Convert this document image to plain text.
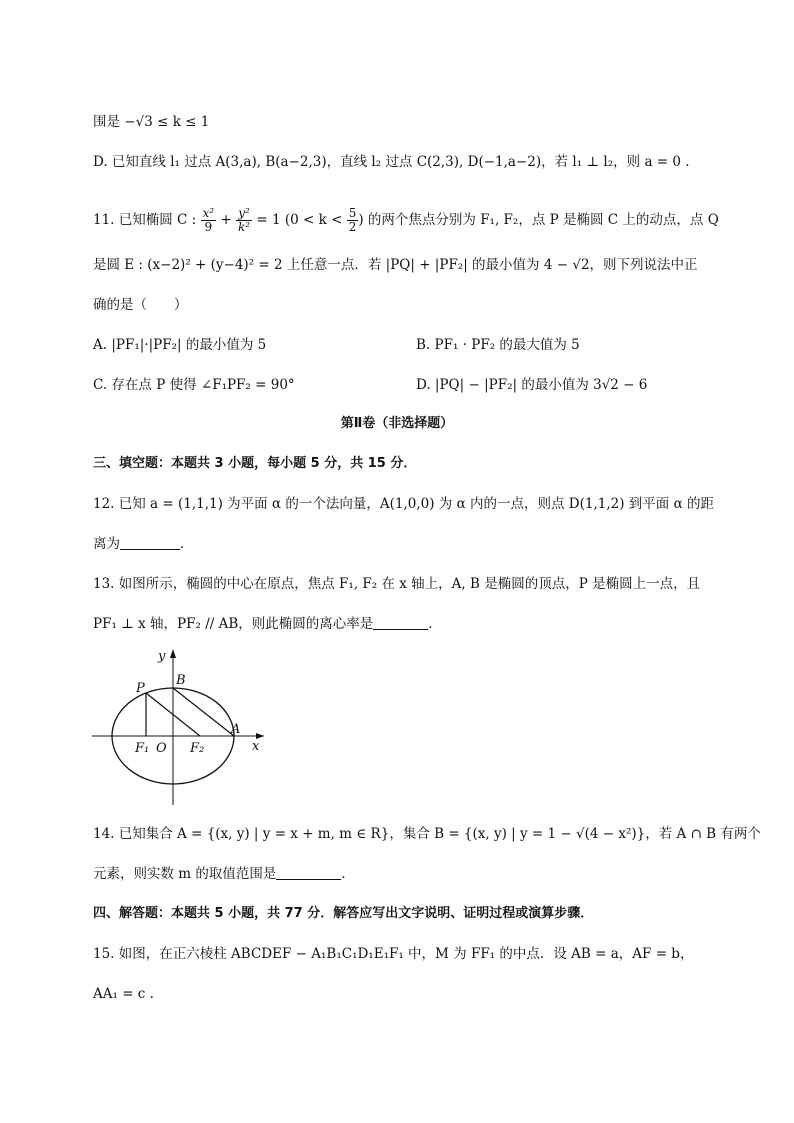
围是 −√3 ≤ k ≤ 1
D. 已知直线 l₁ 过点 A(3,a), B(a−2,3)，直线 l₂ 过点 C(2,3), D(−1,a−2)，若 l₁ ⊥ l₂，则 a = 0 .
11. 已知椭圆 C : $\frac{\text{x²}}{9} + \frac{\text{y²}}{\text{k²}} = 1$ ($0 < k < \frac{5}{2}$ ) 的两个焦点分别为 F₁, F₂，点 P 是椭圆 C 上的动点，点 Q
是圆 E : (x−2)² + (y−4)² = 2 上任意一点．若 |PQ| + |PF₂| 的最小值为 4 − √2，则下列说法中正
确的是（　　）
A. |PF₁|·|PF₂| 的最小值为 5	B. PF₁ · PF₂ 的最大值为 5
C. 存在点 P 使得 ∠F₁PF₂ = 90°	D. |PQ| − |PF₂| 的最小值为 3√2 − 6
第Ⅱ卷（非选择题）
三、填空题：本题共 3 小题，每小题 5 分，共 15 分．
12. 已知 a = (1,1,1) 为平面 α 的一个法向量，A(1,0,0) 为 α 内的一点，则点 D(1,1,2) 到平面 α 的距
离为	．
13. 如图所示，椭圆的中心在原点，焦点 F₁, F₂ 在 x 轴上，A, B 是椭圆的顶点，P 是椭圆上一点，且
PF₁ ⊥ x 轴，PF₂ // AB，则此椭圆的离心率是	．
y
x
P
B
A
F₁ O F₂
14. 已知集合 A = {(x, y) | y = x + m, m ∈ R}，集合 B = {(x, y) | y = 1 − √(4 − x²)}，若 A ∩ B 有两个
元素，则实数 m 的取值范围是	．
四、解答题：本题共 5 小题，共 77 分．解答应写出文字说明、证明过程或演算步骤．
15. 如图，在正六棱柱 ABCDEF − A₁B₁C₁D₁E₁F₁ 中，M 为 FF₁ 的中点．设 AB = a，AF = b，
AA₁ = c .
